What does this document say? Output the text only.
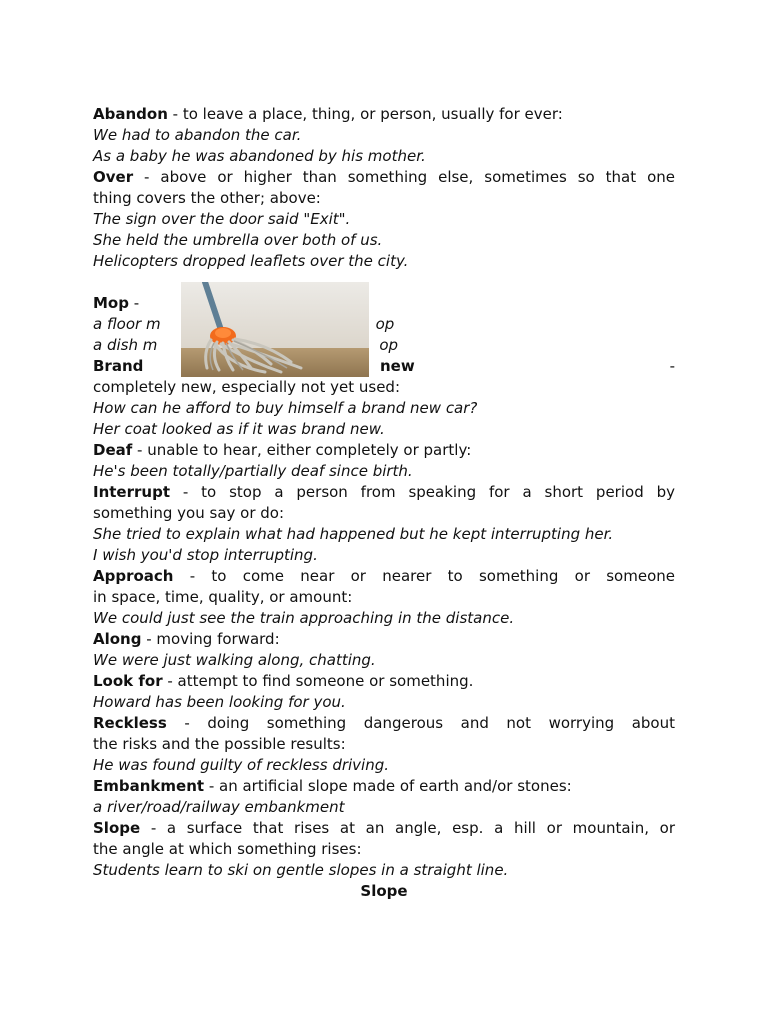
Abandon - to leave a place, thing, or person, usually for ever:
We had to abandon the car.
As a baby he was abandoned by his mother.
Over - above or higher than something else, sometimes so that one
thing covers the other; above:
The sign over the door said "Exit".
She held the umbrella over both of us.
Helicopters dropped leaflets over the city.
Mop -
a floor m	op
a dish m	op
Brand	new	-
completely new, especially not yet used:
How can he afford to buy himself a brand new car?
Her coat looked as if it was brand new.
Deaf - unable to hear, either completely or partly:
He's been totally/partially deaf since birth.
Interrupt - to stop a person from speaking for a short period by
something you say or do:
She tried to explain what had happened but he kept interrupting her.
I wish you'd stop interrupting.
Approach - to come near or nearer to something or someone
in space, time, quality, or amount:
We could just see the train approaching in the distance.
Along - moving forward:
We were just walking along, chatting.
Look for - attempt to find someone or something.
Howard has been looking for you.
Reckless - doing something dangerous and not worrying about
the risks and the possible results:
He was found guilty of reckless driving.
Embankment - an artificial slope made of earth and/or stones:
a river/road/railway embankment
Slope - a surface that rises at an angle, esp. a hill or mountain, or
the angle at which something rises:
Students learn to ski on gentle slopes in a straight line.
Slope
